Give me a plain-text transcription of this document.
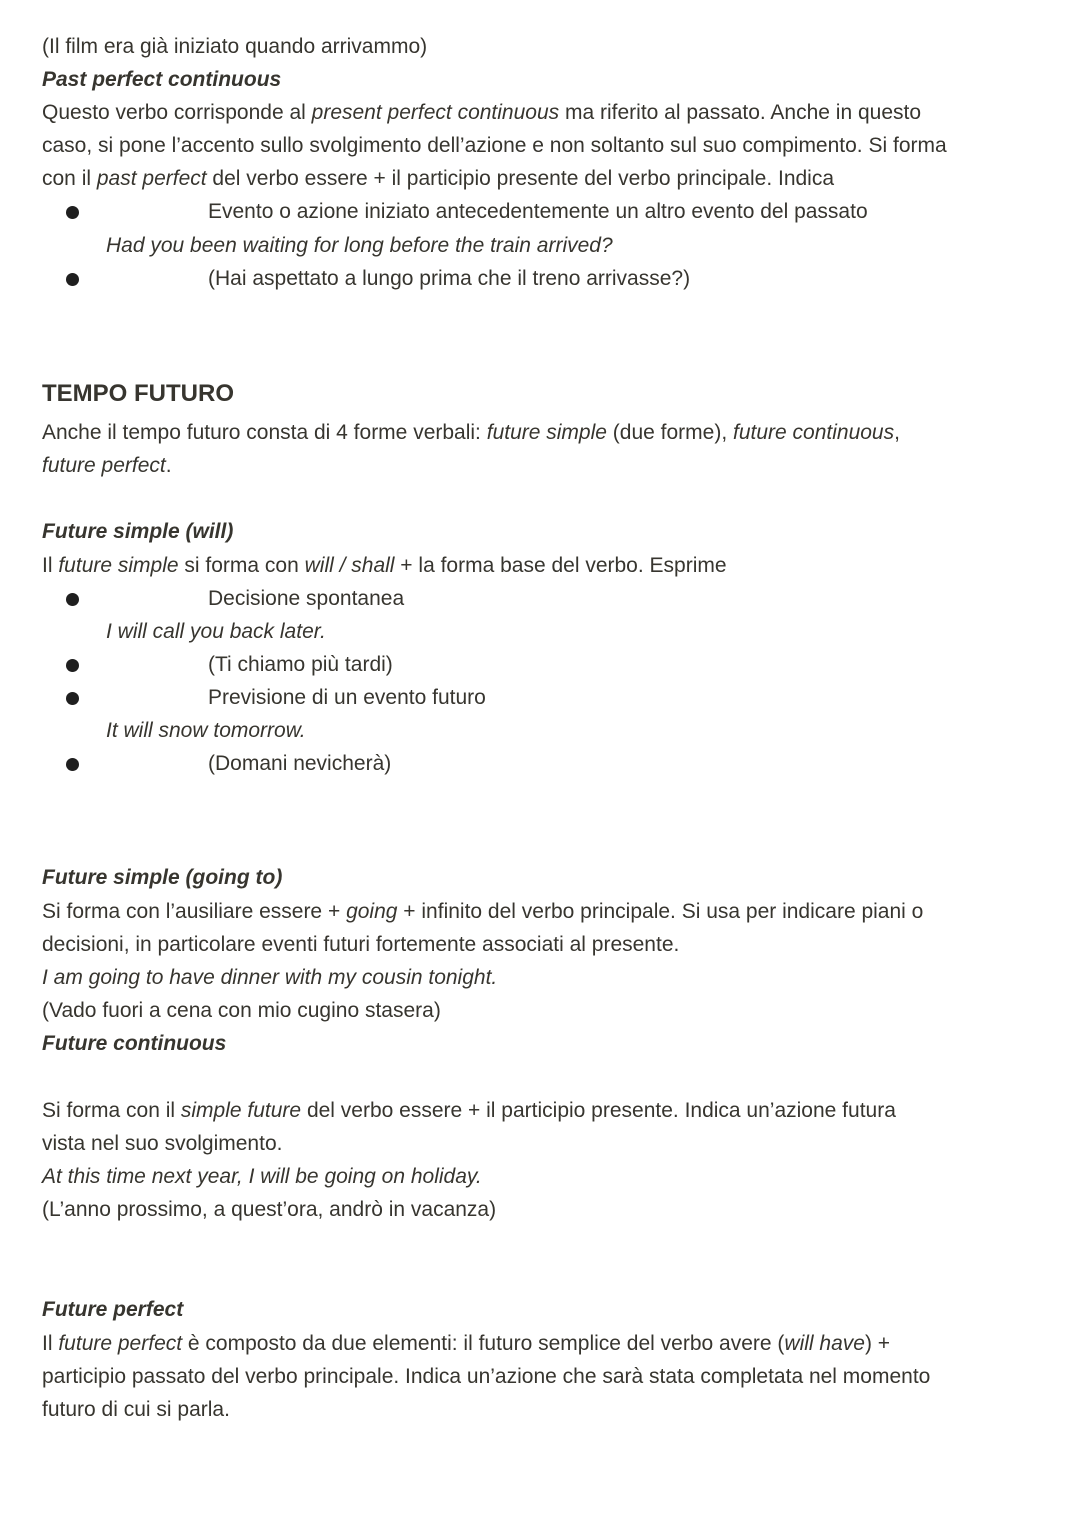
(Il film era già iniziato quando arrivammo)
Past perfect continuous
Questo verbo corrisponde al present perfect continuous ma riferito al passato. Anche in questo
caso, si pone l’accento sullo svolgimento dell’azione e non soltanto sul suo compimento. Si forma
con il past perfect del verbo essere + il participio presente del verbo principale. Indica
Evento o azione iniziato antecedentemente un altro evento del passato
Had you been waiting for long before the train arrived?
(Hai aspettato a lungo prima che il treno arrivasse?)
TEMPO FUTURO
Anche il tempo futuro consta di 4 forme verbali: future simple (due forme), future continuous,
future perfect.
Future simple (will)
Il future simple si forma con will / shall + la forma base del verbo. Esprime
Decisione spontanea
I will call you back later.
(Ti chiamo più tardi)
Previsione di un evento futuro
It will snow tomorrow.
(Domani nevicherà)
Future simple (going to)
Si forma con l’ausiliare essere + going + infinito del verbo principale. Si usa per indicare piani o
decisioni, in particolare eventi futuri fortemente associati al presente.
I am going to have dinner with my cousin tonight.
(Vado fuori a cena con mio cugino stasera)
Future continuous
Si forma con il simple future del verbo essere + il participio presente. Indica un’azione futura
vista nel suo svolgimento.
At this time next year, I will be going on holiday.
(L’anno prossimo, a quest’ora, andrò in vacanza)
Future perfect
Il future perfect è composto da due elementi: il futuro semplice del verbo avere (will have) +
participio passato del verbo principale. Indica un’azione che sarà stata completata nel momento
futuro di cui si parla.
